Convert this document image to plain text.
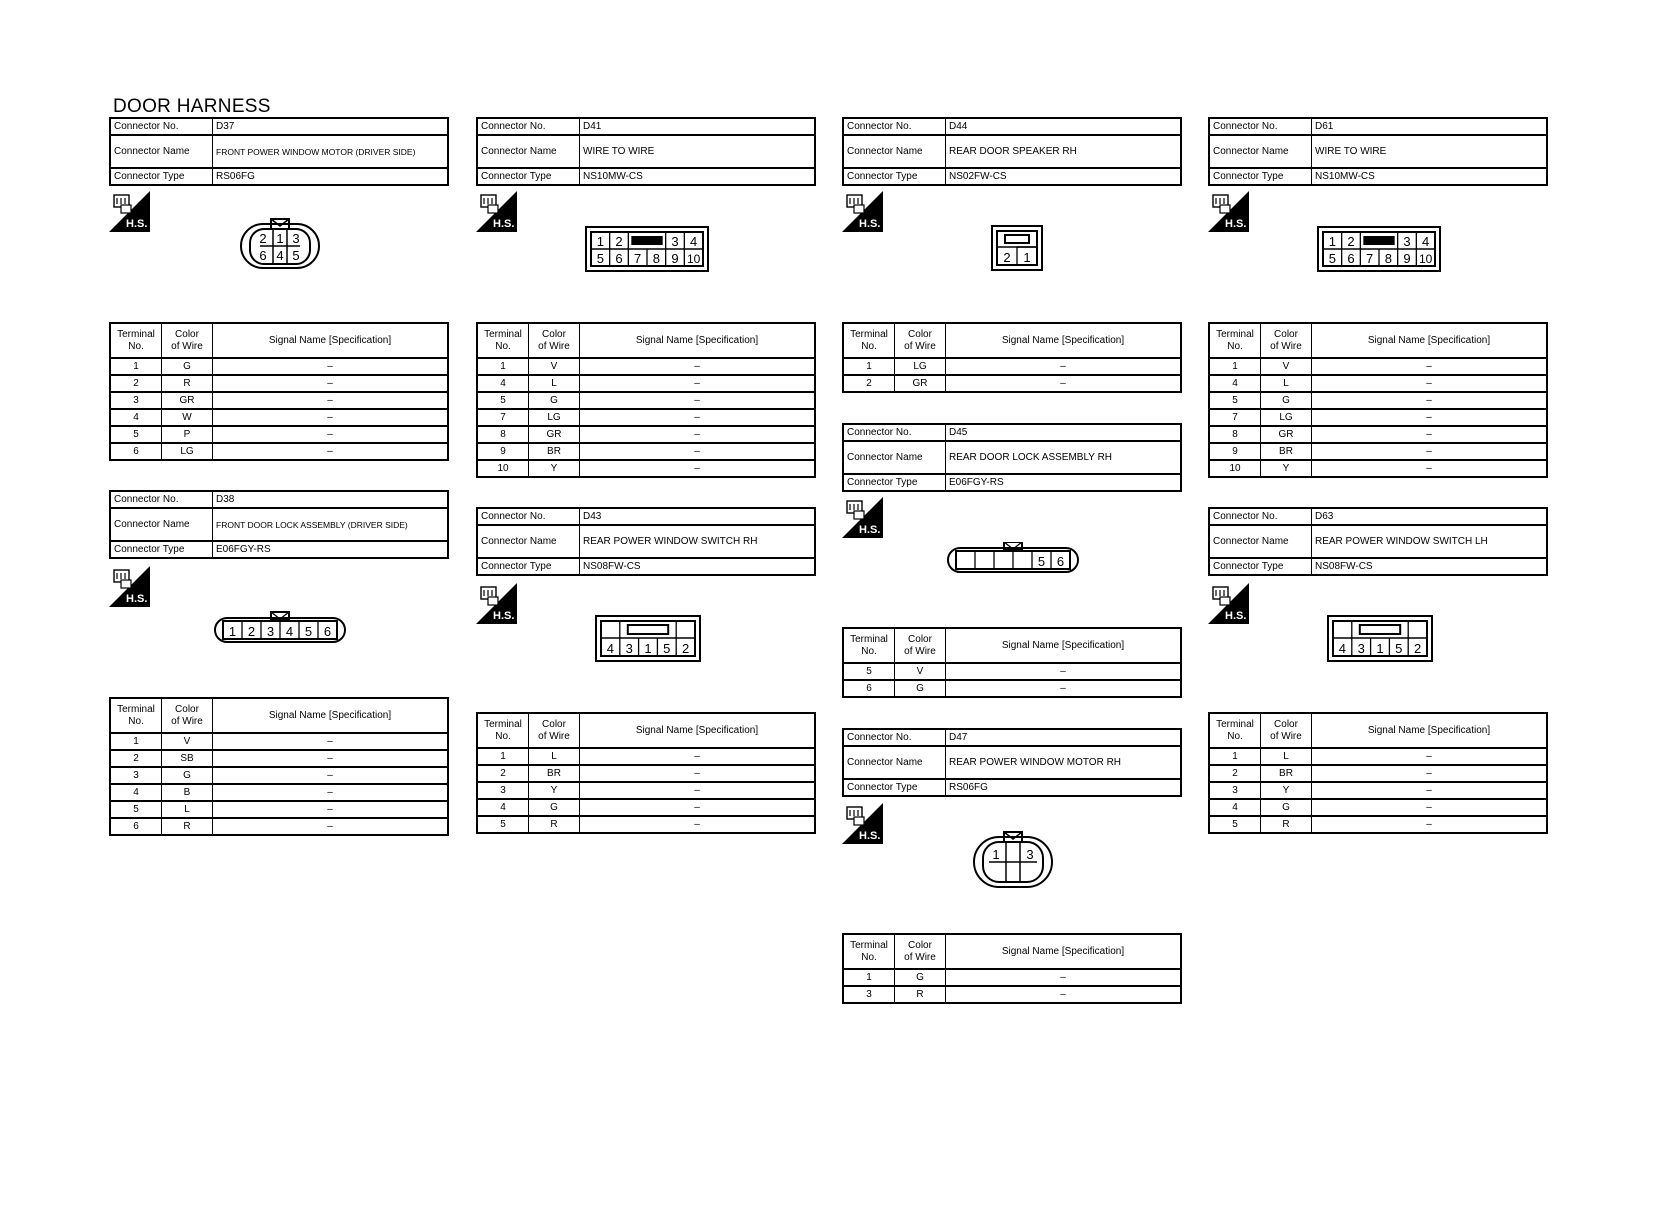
DOOR HARNESS
Connector No.	D37
Connector Name	FRONT POWER WINDOW MOTOR (DRIVER SIDE)
Connector Type	RS06FG
H.S.
2 1 3
6 4 5
Terminal
No.	Color
of Wire	Signal Name [Specification]
1	G	–
2	R	–
3	GR	–
4	W	–
5	P	–
6	LG	–
Connector No.	D38
Connector Name	FRONT DOOR LOCK ASSEMBLY (DRIVER SIDE)
Connector Type	E06FGY-RS
H.S.
1 2 3 4 5 6
Terminal
No.	Color
of Wire	Signal Name [Specification]
1	V	–
2	SB	–
3	G	–
4	B	–
5	L	–
6	R	–
Connector No.	D41
Connector Name	WIRE TO WIRE
Connector Type	NS10MW-CS
H.S.
1 2	3 4
5 6 7 8 9 10
Terminal
No.	Color
of Wire	Signal Name [Specification]
1	V	–
4	L	–
5	G	–
7	LG	–
8	GR	–
9	BR	–
10	Y	–
Connector No.	D43
Connector Name	REAR POWER WINDOW SWITCH RH
Connector Type	NS08FW-CS
H.S.
4 3 1 5 2
Terminal
No.	Color
of Wire	Signal Name [Specification]
1	L	–
2	BR	–
3	Y	–
4	G	–
5	R	–
Connector No.	D44
Connector Name	REAR DOOR SPEAKER RH
Connector Type	NS02FW-CS
H.S.
2 1
Terminal
No.	Color
of Wire	Signal Name [Specification]
1	LG	–
2	GR	–
Connector No.	D45
Connector Name	REAR DOOR LOCK ASSEMBLY RH
Connector Type	E06FGY-RS
H.S.
5 6
Terminal
No.	Color
of Wire	Signal Name [Specification]
5	V	–
6	G	–
Connector No.	D47
Connector Name	REAR POWER WINDOW MOTOR RH
Connector Type	RS06FG
H.S.
1 3
Terminal
No.	Color
of Wire	Signal Name [Specification]
1	G	–
3	R	–
Connector No.	D61
Connector Name	WIRE TO WIRE
Connector Type	NS10MW-CS
H.S.
1 2	3 4
5 6 7 8 9 10
Terminal
No.	Color
of Wire	Signal Name [Specification]
1	V	–
4	L	–
5	G	–
7	LG	–
8	GR	–
9	BR	–
10	Y	–
Connector No.	D63
Connector Name	REAR POWER WINDOW SWITCH LH
Connector Type	NS08FW-CS
H.S.
4 3 1 5 2
Terminal
No.	Color
of Wire	Signal Name [Specification]
1	L	–
2	BR	–
3	Y	–
4	G	–
5	R	–
